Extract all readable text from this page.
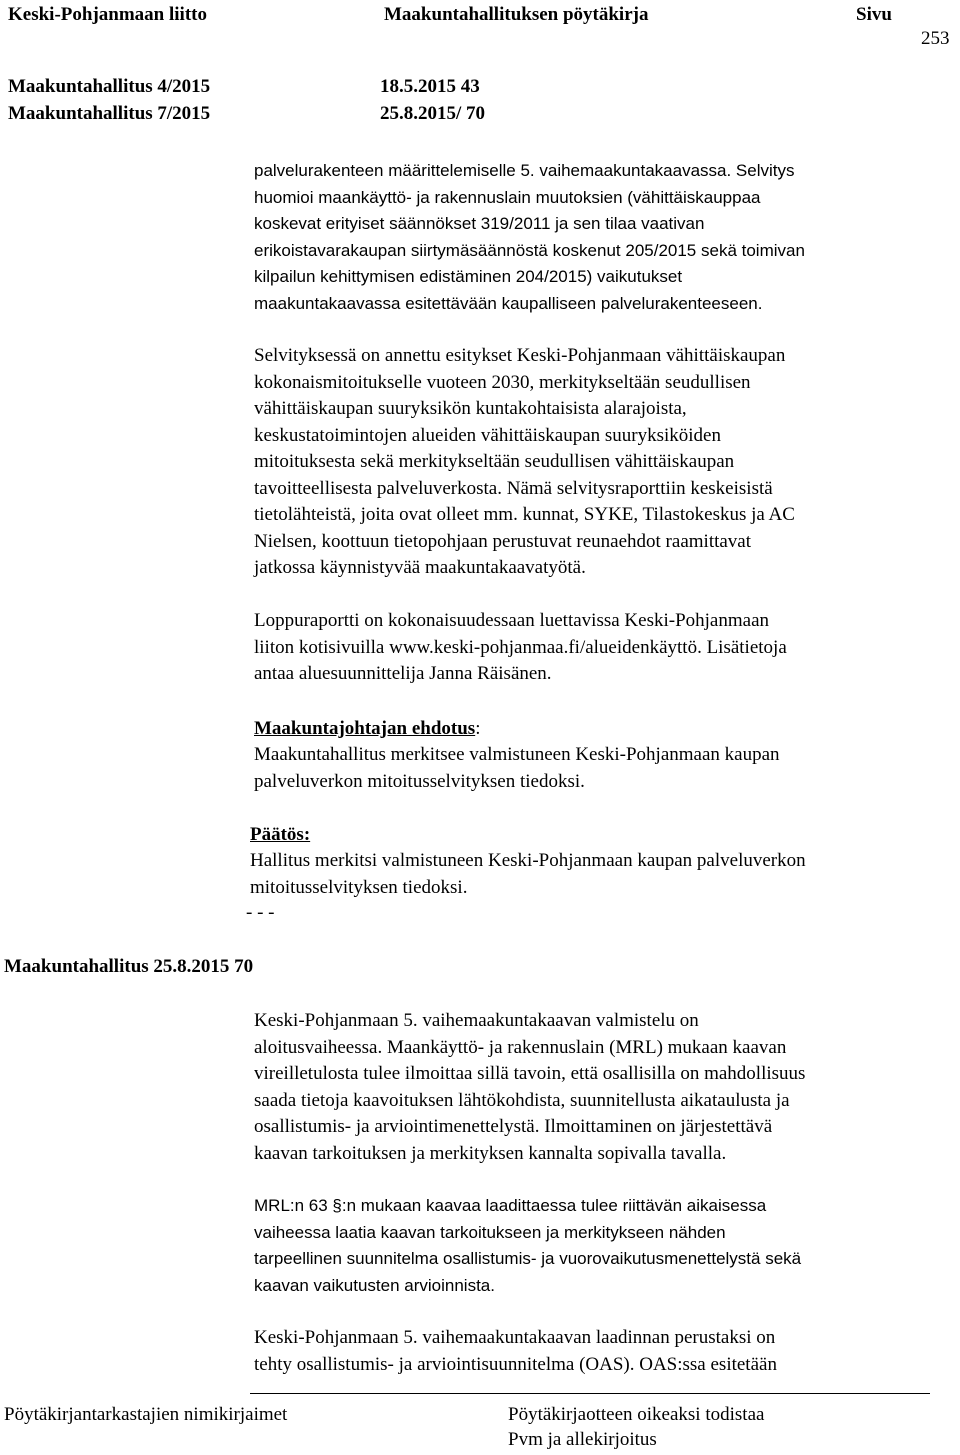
Keski-Pohjanmaan liitto	Maakuntahallituksen pöytäkirja	Sivu
253
Maakuntahallitus 4/2015	18.5.2015 43
Maakuntahallitus 7/2015	25.8.2015/ 70
palvelurakenteen määrittelemiselle 5. vaihemaakuntakaavassa. Selvitys
huomioi maankäyttö- ja rakennuslain muutoksien (vähittäiskauppaa
koskevat erityiset säännökset 319/2011 ja sen tilaa vaativan
erikoistavarakaupan siirtymäsäännöstä koskenut 205/2015 sekä toimivan
kilpailun kehittymisen edistäminen 204/2015) vaikutukset
maakuntakaavassa esitettävään kaupalliseen palvelurakenteeseen.
Selvityksessä on annettu esitykset Keski-Pohjanmaan vähittäiskaupan
kokonaismitoitukselle vuoteen 2030, merkitykseltään seudullisen
vähittäiskaupan suuryksikön kuntakohtaisista alarajoista,
keskustatoimintojen alueiden vähittäiskaupan suuryksiköiden
mitoituksesta sekä merkitykseltään seudullisen vähittäiskaupan
tavoitteellisesta palveluverkosta. Nämä selvitysraporttiin keskeisistä
tietolähteistä, joita ovat olleet mm. kunnat, SYKE, Tilastokeskus ja AC
Nielsen, koottuun tietopohjaan perustuvat reunaehdot raamittavat
jatkossa käynnistyvää maakuntakaavatyötä.
Loppuraportti on kokonaisuudessaan luettavissa Keski-Pohjanmaan
liiton kotisivuilla www.keski-pohjanmaa.fi/alueidenkäyttö. Lisätietoja
antaa aluesuunnittelija Janna Räisänen.
Maakuntajohtajan ehdotus:
Maakuntahallitus merkitsee valmistuneen Keski-Pohjanmaan kaupan
palveluverkon mitoitusselvityksen tiedoksi.
Päätös:
Hallitus merkitsi valmistuneen Keski-Pohjanmaan kaupan palveluverkon
mitoitusselvityksen tiedoksi.
- - -
Maakuntahallitus 25.8.2015 70
Keski-Pohjanmaan 5. vaihemaakuntakaavan valmistelu on
aloitusvaiheessa. Maankäyttö- ja rakennuslain (MRL) mukaan kaavan
vireilletulosta tulee ilmoittaa sillä tavoin, että osallisilla on mahdollisuus
saada tietoja kaavoituksen lähtökohdista, suunnitellusta aikataulusta ja
osallistumis- ja arviointimenettelystä. Ilmoittaminen on järjestettävä
kaavan tarkoituksen ja merkityksen kannalta sopivalla tavalla.
MRL:n 63 §:n mukaan kaavaa laadittaessa tulee riittävän aikaisessa
vaiheessa laatia kaavan tarkoitukseen ja merkitykseen nähden
tarpeellinen suunnitelma osallistumis- ja vuorovaikutusmenettelystä sekä
kaavan vaikutusten arvioinnista.
Keski-Pohjanmaan 5. vaihemaakuntakaavan laadinnan perustaksi on
tehty osallistumis- ja arviointisuunnitelma (OAS). OAS:ssa esitetään
Pöytäkirjantarkastajien nimikirjaimet	Pöytäkirjaotteen oikeaksi todistaa
Pvm ja allekirjoitus
